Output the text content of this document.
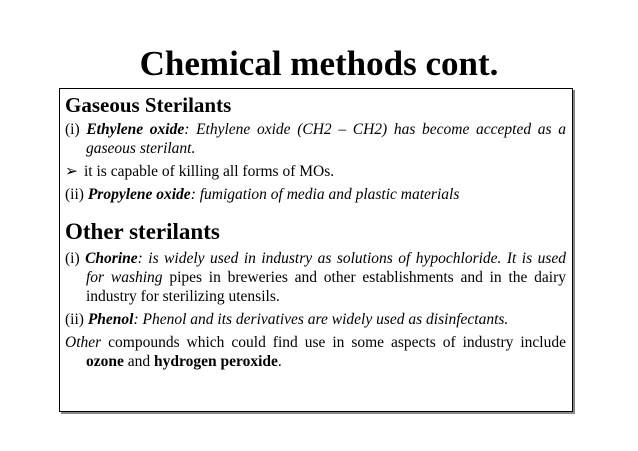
Chemical methods cont.

Gaseous Sterilants

(i) Ethylene oxide: Ethylene oxide (CH2 – CH2) has become accepted as a gaseous sterilant.

➢ it is capable of killing all forms of MOs.

(ii) Propylene oxide: fumigation of media and plastic materials

Other sterilants

(i) Chorine: is widely used in industry as solutions of hypochloride. It is used for washing pipes in breweries and other establishments and in the dairy industry for sterilizing utensils.

(ii) Phenol: Phenol and its derivatives are widely used as disinfectants.

Other compounds which could find use in some aspects of industry include ozone and hydrogen peroxide.
